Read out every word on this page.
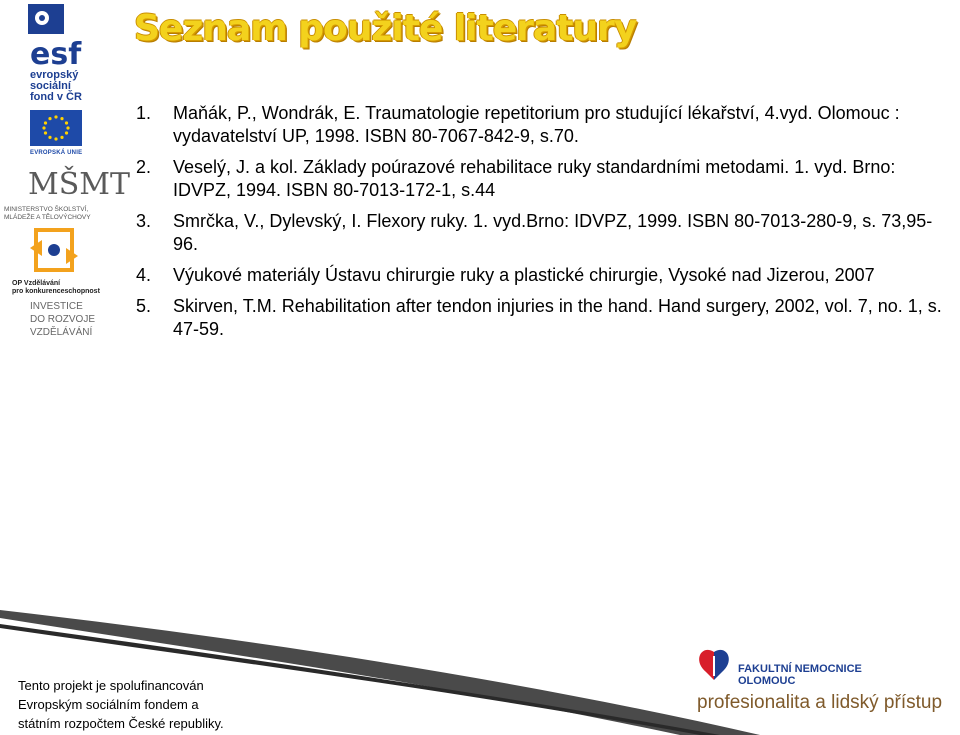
esf
evropský
sociální
fond v ČR
EVROPSKÁ UNIE
MŠMT
MINISTERSTVO ŠKOLSTVÍ,
MLÁDEŽE A TĚLOVÝCHOVY
OP Vzdělávání
pro konkurenceschopnost
INVESTICE
DO ROZVOJE
VZDĚLÁVÁNÍ
Seznam použité literatury
1.	Maňák, P., Wondrák, E. Traumatologie repetitorium pro studující lékařství, 4.vyd. Olomouc : vydavatelství UP, 1998. ISBN 80-7067-842-9, s.70.
2.	Veselý, J. a kol. Základy poúrazové rehabilitace ruky standardními metodami. 1. vyd. Brno: IDVPZ, 1994. ISBN 80-7013-172-1, s.44
3.	Smrčka, V., Dylevský, I. Flexory ruky. 1. vyd.Brno: IDVPZ, 1999. ISBN 80-7013-280-9, s. 73,95-96.
4.	Výukové materiály Ústavu chirurgie ruky a plastické chirurgie, Vysoké nad Jizerou, 2007
5.	Skirven, T.M. Rehabilitation after tendon injuries in the hand. Hand surgery, 2002, vol. 7, no. 1, s. 47-59.
Tento projekt je spolufinancován
Evropským sociálním fondem a
státním rozpočtem České republiky.
FAKULTNÍ NEMOCNICE
OLOMOUC
profesionalita a lidský přístup
